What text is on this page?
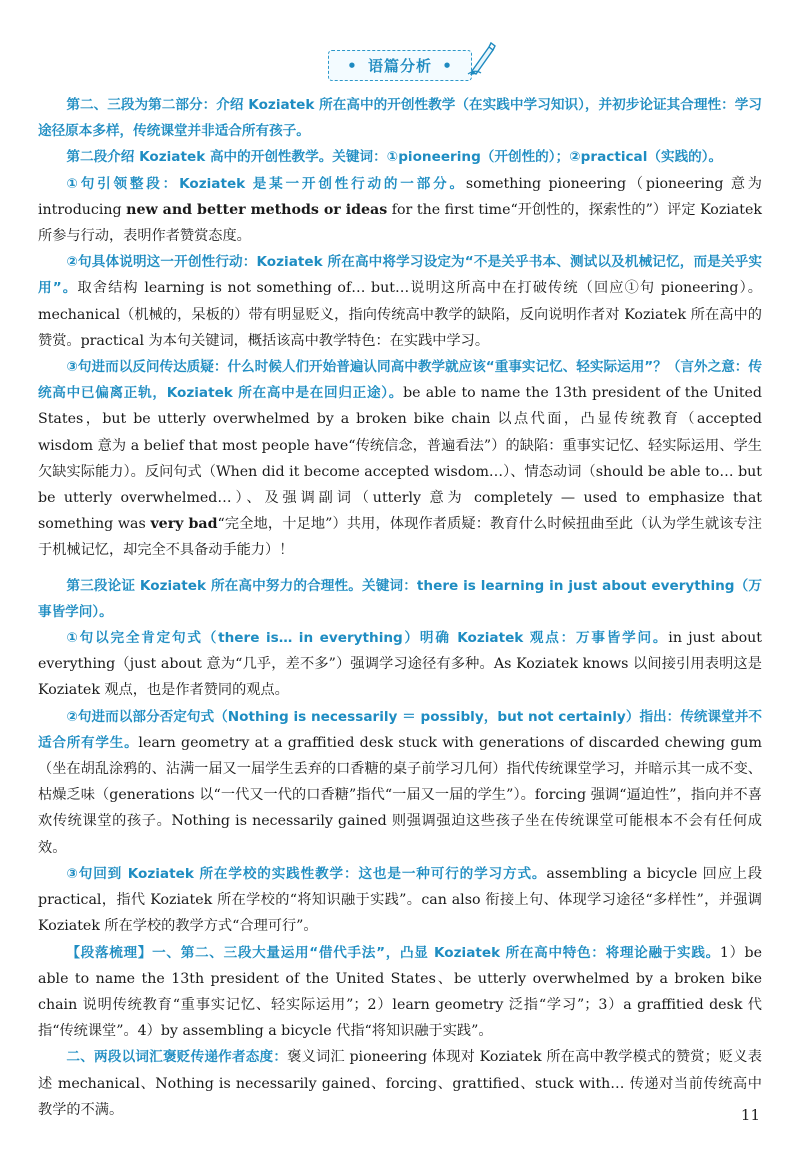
• 语篇分析 •

第二、三段为第二部分：介绍 Koziatek 所在高中的开创性教学（在实践中学习知识），并初步论证其合理性：学习途径原本多样，传统课堂并非适合所有孩子。

第二段介绍 Koziatek 高中的开创性教学。关键词：①pioneering（开创性的）；②practical（实践的）。

①句引领整段：Koziatek 是某一开创性行动的一部分。something pioneering（pioneering 意为 introducing new and better methods or ideas for the first time“开创性的，探索性的”）评定 Koziatek 所参与行动，表明作者赞赏态度。

②句具体说明这一开创性行动：Koziatek 所在高中将学习设定为“不是关乎书本、测试以及机械记忆，而是关乎实用”。取舍结构 learning is not something of… but…说明这所高中在打破传统（回应①句 pioneering）。mechanical（机械的，呆板的）带有明显贬义，指向传统高中教学的缺陷，反向说明作者对 Koziatek 所在高中的赞赏。practical 为本句关键词，概括该高中教学特色：在实践中学习。

③句进而以反问传达质疑：什么时候人们开始普遍认同高中教学就应该“重事实记忆、轻实际运用”？（言外之意：传统高中已偏离正轨，Koziatek 所在高中是在回归正途）。be able to name the 13th president of the United States，but be utterly overwhelmed by a broken bike chain 以点代面，凸显传统教育（accepted wisdom 意为 a belief that most people have“传统信念，普遍看法”）的缺陷：重事实记忆、轻实际运用、学生欠缺实际能力）。反问句式（When did it become accepted wisdom…）、情态动词（should be able to… but be utterly overwhelmed…）、及强调副词（utterly 意为 completely — used to emphasize that something was very bad“完全地，十足地”）共用，体现作者质疑：教育什么时候扭曲至此（认为学生就该专注于机械记忆，却完全不具备动手能力）！

第三段论证 Koziatek 所在高中努力的合理性。关键词：there is learning in just about everything（万事皆学问）。

①句以完全肯定句式（there is… in everything）明确 Koziatek 观点：万事皆学问。in just about everything（just about 意为“几乎，差不多”）强调学习途径有多种。As Koziatek knows 以间接引用表明这是 Koziatek 观点，也是作者赞同的观点。

②句进而以部分否定句式（Nothing is necessarily ＝ possibly，but not certainly）指出：传统课堂并不适合所有学生。learn geometry at a graffitied desk stuck with generations of discarded chewing gum（坐在胡乱涂鸦的、沾满一届又一届学生丢弃的口香糖的桌子前学习几何）指代传统课堂学习，并暗示其一成不变、枯燥乏味（generations 以“一代又一代的口香糖”指代“一届又一届的学生”）。forcing 强调“逼迫性”，指向并不喜欢传统课堂的孩子。Nothing is necessarily gained 则强调强迫这些孩子坐在传统课堂可能根本不会有任何成效。

③句回到 Koziatek 所在学校的实践性教学：这也是一种可行的学习方式。assembling a bicycle 回应上段 practical，指代 Koziatek 所在学校的“将知识融于实践”。can also 衔接上句、体现学习途径“多样性”，并强调 Koziatek 所在学校的教学方式“合理可行”。

【段落梳理】一、第二、三段大量运用“借代手法”，凸显 Koziatek 所在高中特色：将理论融于实践。1）be able to name the 13th president of the United States、be utterly overwhelmed by a broken bike chain 说明传统教育“重事实记忆、轻实际运用”；2）learn geometry 泛指“学习”；3）a graffitied desk 代指“传统课堂”。4）by assembling a bicycle 代指“将知识融于实践”。

二、两段以词汇褒贬传递作者态度：褒义词汇 pioneering 体现对 Koziatek 所在高中教学模式的赞赏；贬义表述 mechanical、Nothing is necessarily gained、forcing、grattified、stuck with… 传递对当前传统高中教学的不满。	11
